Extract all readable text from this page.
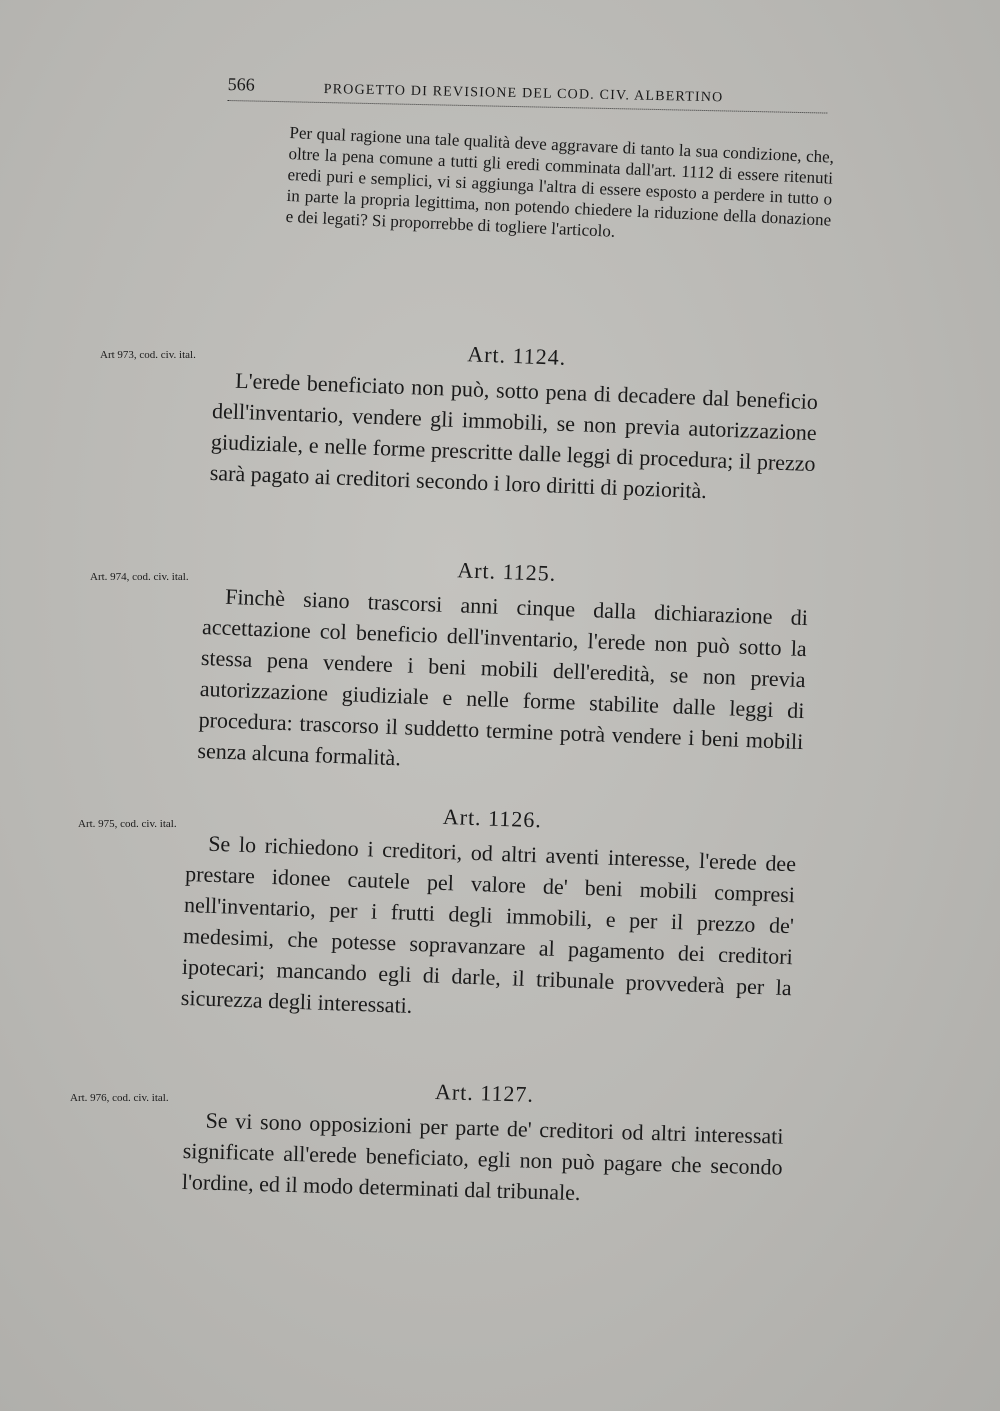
566	PROGETTO DI REVISIONE DEL COD. CIV. ALBERTINO

Per qual ragione una tale qualità deve aggravare di tanto la sua condizione, che, oltre la pena comune a tutti gli eredi comminata dall'art. 1112 di essere ritenuti eredi puri e semplici, vi si aggiunga l'altra di essere esposto a perdere in tutto o in parte la propria legittima, non potendo chiedere la riduzione della donazione e dei legati? Si proporrebbe di togliere l'articolo.

Art 973, cod. civ. ital.	Art. 1124.

L'erede beneficiato non può, sotto pena di decadere dal beneficio dell'inventario, vendere gli immobili, se non previa autorizzazione giudiziale, e nelle forme prescritte dalle leggi di procedura; il prezzo sarà pagato ai creditori secondo i loro diritti di poziorità.

Art. 974, cod. civ. ital.	Art. 1125.

Finchè siano trascorsi anni cinque dalla dichiarazione di accettazione col beneficio dell'inventario, l'erede non può sotto la stessa pena vendere i beni mobili dell'eredità, se non previa autorizzazione giudiziale e nelle forme stabilite dalle leggi di procedura: trascorso il suddetto termine potrà vendere i beni mobili senza alcuna formalità.

Art. 975, cod. civ. ital.	Art. 1126.

Se lo richiedono i creditori, od altri aventi interesse, l'erede dee prestare idonee cautele pel valore de' beni mobili compresi nell'inventario, per i frutti degli immobili, e per il prezzo de' medesimi, che potesse sopravanzare al pagamento dei creditori ipotecari; mancando egli di darle, il tribunale provvederà per la sicurezza degli interessati.

Art. 976, cod. civ. ital.	Art. 1127.

Se vi sono opposizioni per parte de' creditori od altri interessati significate all'erede beneficiato, egli non può pagare che secondo l'ordine, ed il modo determinati dal tribunale.
